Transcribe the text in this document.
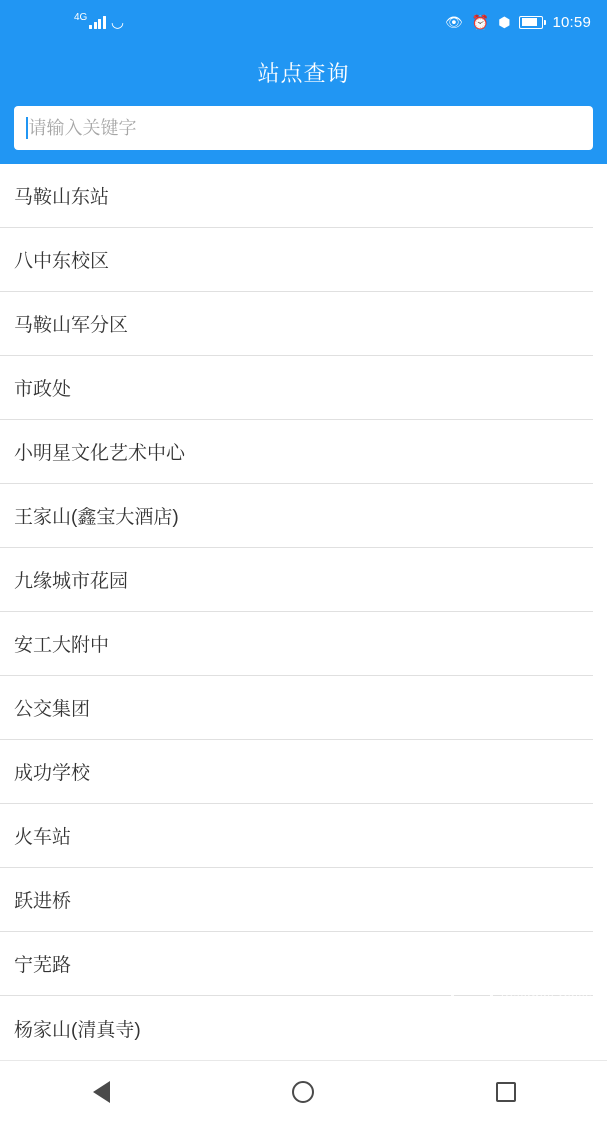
4G ◡	👁 ⏰ ⬢	10:59
站点查询
请输入关键字
马鞍山东站
八中东校区
马鞍山军分区
市政处
小明星文化艺术中心
王家山(鑫宝大酒店)
九缘城市花园
安工大附中
公交集团
成功学校
火车站
跃进桥
宁芜路
杨家山(清真寺)
闪 仍玩游戏
Rengwan Games
